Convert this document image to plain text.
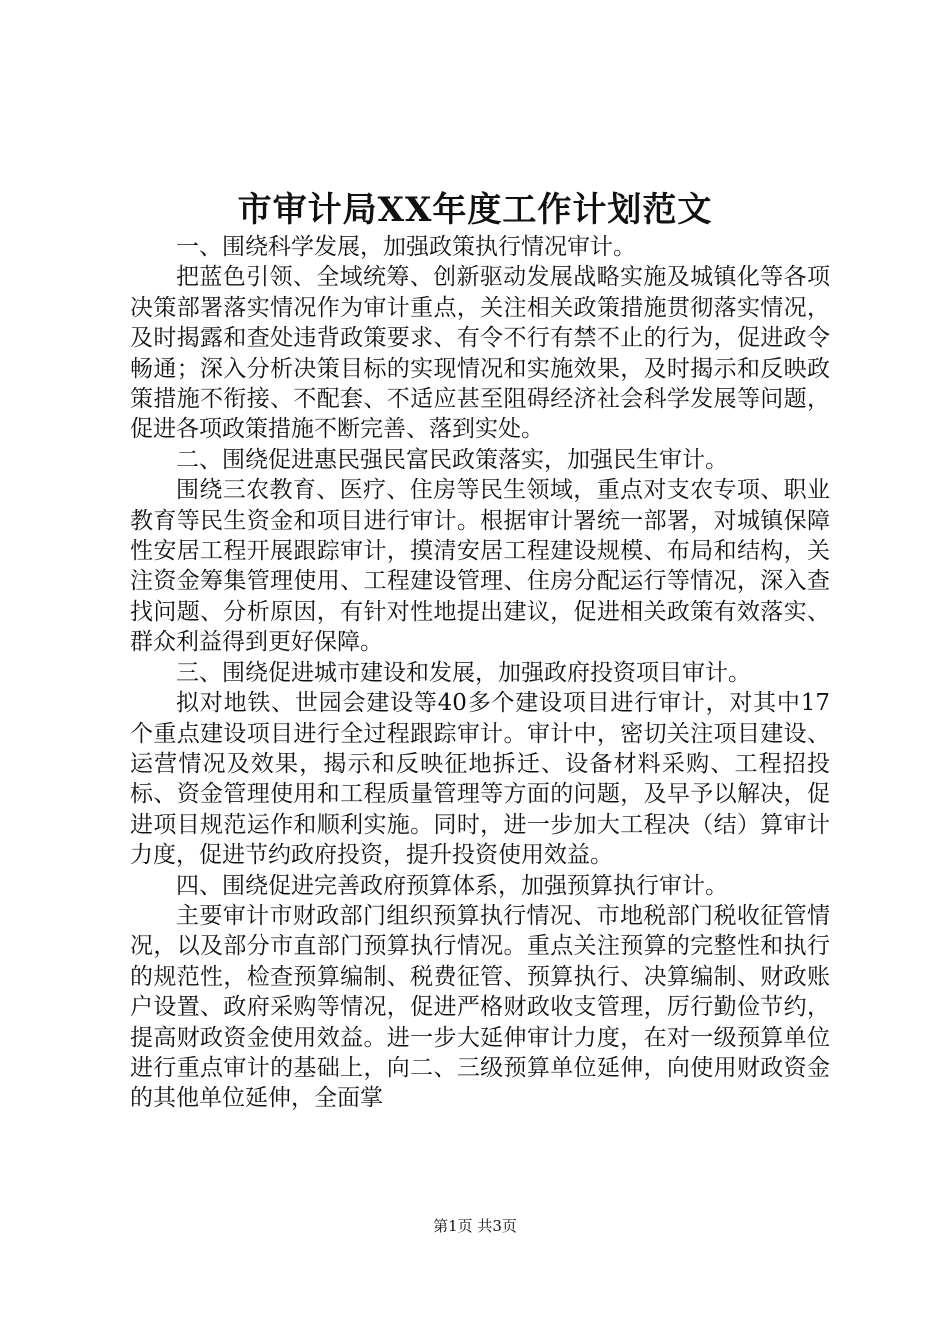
市审计局XX年度工作计划范文

一、围绕科学发展，加强政策执行情况审计。

把蓝色引领、全域统筹、创新驱动发展战略实施及城镇化等各项决策部署落实情况作为审计重点，关注相关政策措施贯彻落实情况，及时揭露和查处违背政策要求、有令不行有禁不止的行为，促进政令畅通；深入分析决策目标的实现情况和实施效果，及时揭示和反映政策措施不衔接、不配套、不适应甚至阻碍经济社会科学发展等问题，促进各项政策措施不断完善、落到实处。

二、围绕促进惠民强民富民政策落实，加强民生审计。

围绕三农教育、医疗、住房等民生领域，重点对支农专项、职业教育等民生资金和项目进行审计。根据审计署统一部署，对城镇保障性安居工程开展跟踪审计，摸清安居工程建设规模、布局和结构，关注资金筹集管理使用、工程建设管理、住房分配运行等情况，深入查找问题、分析原因，有针对性地提出建议，促进相关政策有效落实、群众利益得到更好保障。

三、围绕促进城市建设和发展，加强政府投资项目审计。

拟对地铁、世园会建设等40多个建设项目进行审计，对其中17个重点建设项目进行全过程跟踪审计。审计中，密切关注项目建设、运营情况及效果，揭示和反映征地拆迁、设备材料采购、工程招投标、资金管理使用和工程质量管理等方面的问题，及早予以解决，促进项目规范运作和顺利实施。同时，进一步加大工程决（结）算审计力度，促进节约政府投资，提升投资使用效益。

四、围绕促进完善政府预算体系，加强预算执行审计。

主要审计市财政部门组织预算执行情况、市地税部门税收征管情况，以及部分市直部门预算执行情况。重点关注预算的完整性和执行的规范性，检查预算编制、税费征管、预算执行、决算编制、财政账户设置、政府采购等情况，促进严格财政收支管理，厉行勤俭节约，提高财政资金使用效益。进一步大延伸审计力度，在对一级预算单位进行重点审计的基础上，向二、三级预算单位延伸，向使用财政资金的其他单位延伸，全面掌

第1页 共3页
